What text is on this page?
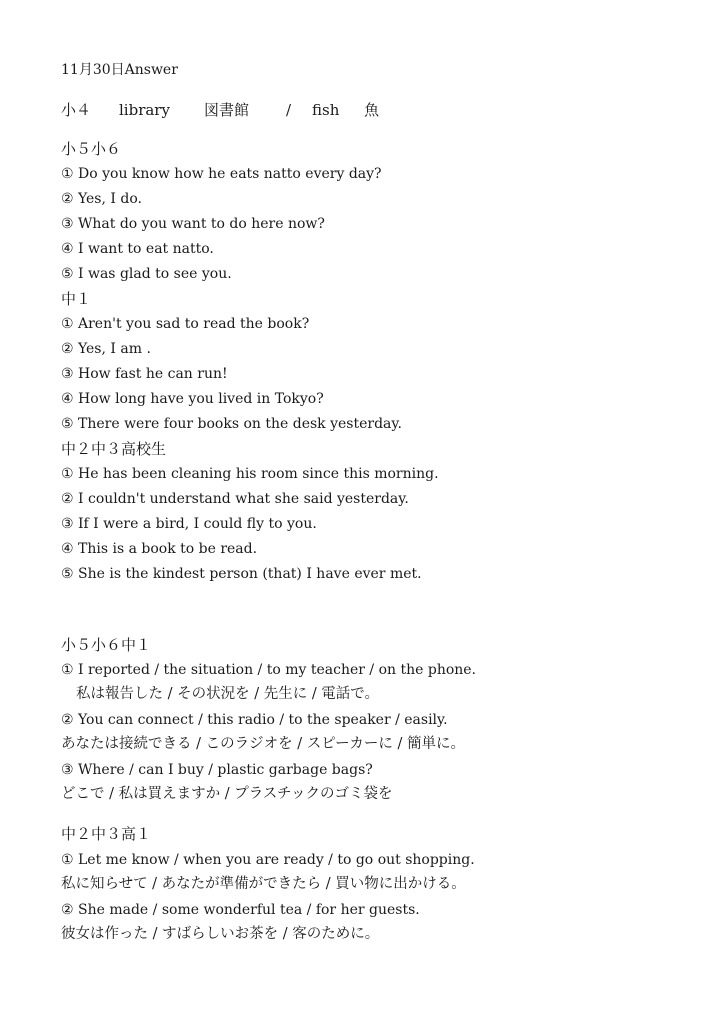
11月30日Answer
小４ library 図書館 / fish 魚
小５小６
① Do you know how he eats natto every day?
② Yes, I do.
③ What do you want to do here now?
④ I want to eat natto.
⑤ I was glad to see you.
中１
① Aren't you sad to read the book?
② Yes, I am .
③ How fast he can run!
④ How long have you lived in Tokyo?
⑤ There were four books on the desk yesterday.
中２中３高校生
① He has been cleaning his room since this morning.
② I couldn't understand what she said yesterday.
③ If I were a bird, I could fly to you.
④ This is a book to be read.
⑤ She is the kindest person (that) I have ever met.
小５小６中１
① I reported / the situation / to my teacher / on the phone.
私は報告した / その状況を / 先生に / 電話で。
② You can connect / this radio / to the speaker / easily.
あなたは接続できる / このラジオを / スピーカーに / 簡単に。
③ Where / can I buy / plastic garbage bags?
どこで / 私は買えますか / プラスチックのゴミ袋を
中２中３高１
① Let me know / when you are ready / to go out shopping.
私に知らせて / あなたが準備ができたら / 買い物に出かける。
② She made / some wonderful tea / for her guests.
彼女は作った / すばらしいお茶を / 客のために。
